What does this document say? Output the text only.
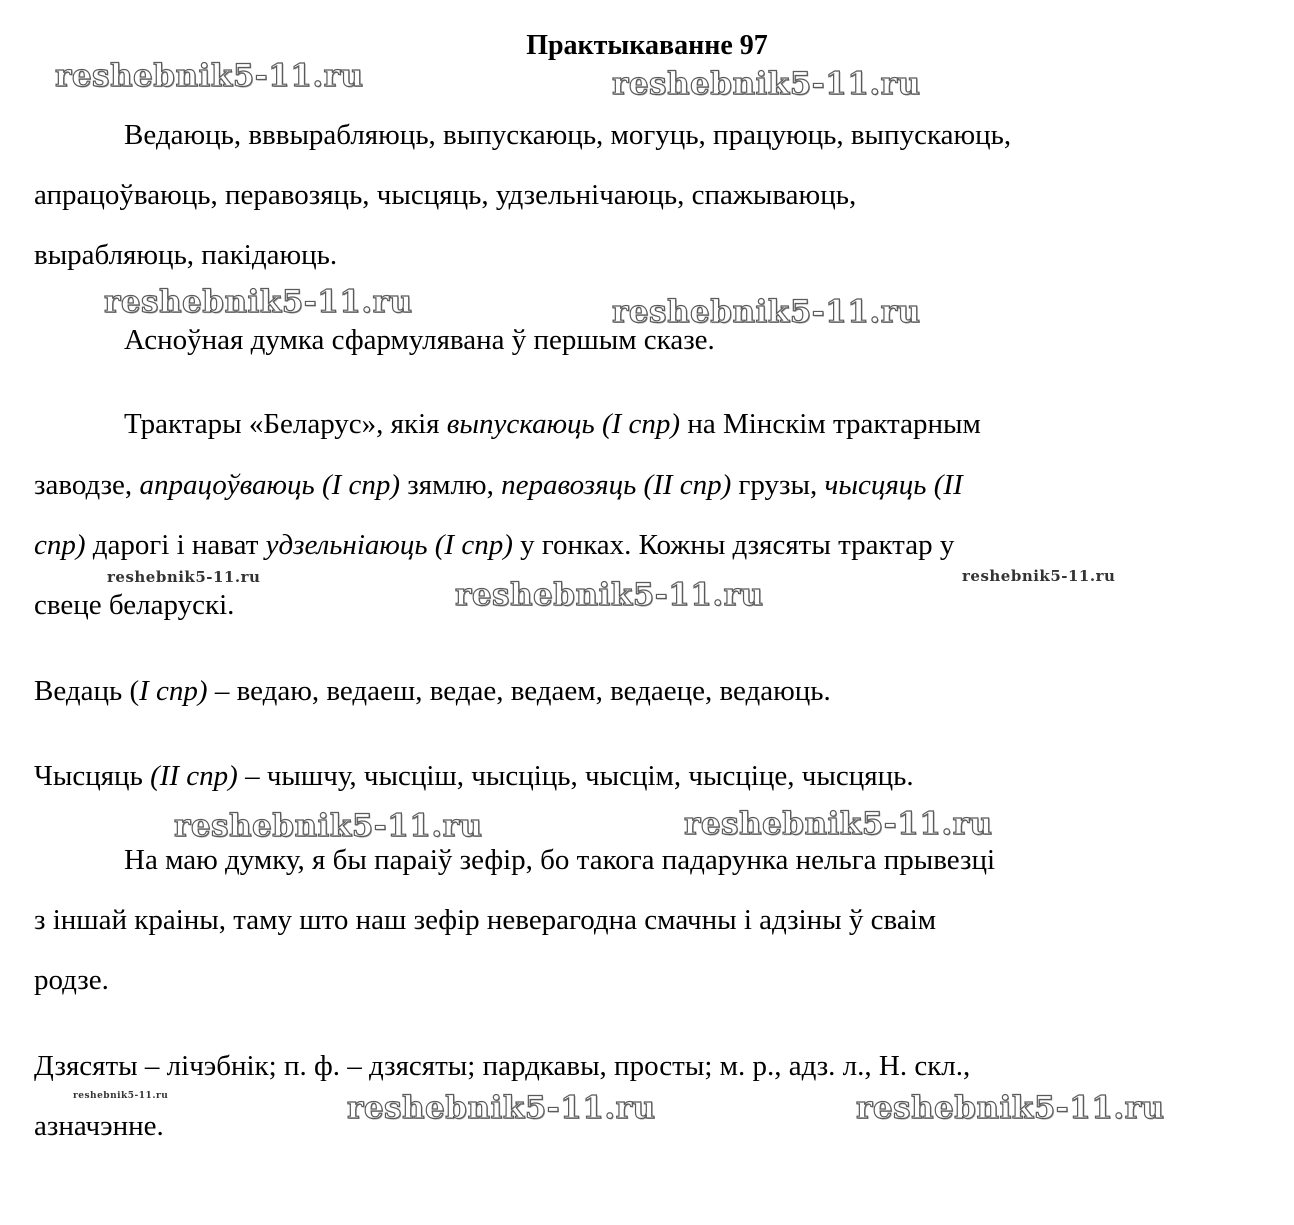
Практыкаванне 97
Ведаюць, вввырабляюць, выпускаюць, могуць, працуюць, выпускаюць,
апрацоўваюць, перавозяць, чысцяць, удзельнічаюць, спажываюць,
вырабляюць, пакідаюць.
Асноўная думка сфармулявана ў першым сказе.
Трактары «Беларус», якія выпускаюць (I спр) на Мінскім трактарным
заводзе, апрацоўваюць (I спр) зямлю, перавозяць (II спр) грузы, чысцяць (II
спр) дарогі і нават удзельніаюць (I спр) у гонках. Кожны дзясяты трактар у
свеце беларускі.
Ведаць (I спр) – ведаю, ведаеш, ведае, ведаем, ведаеце, ведаюць.
Чысцяць (II спр) – чышчу, чысціш, чысціць, чысцім, чысціце, чысцяць.
На маю думку, я бы параіў зефір, бо такога падарунка нельга прывезці
з іншай краіны, таму што наш зефір неверагодна смачны і адзіны ў сваім
родзе.
Дзясяты – лічэбнік; п. ф. – дзясяты; пардкавы, просты; м. р., адз. л., Н. скл.,
азначэнне.
reshebnik5-11.ru	reshebnik5-11.ru
reshebnik5-11.ru	reshebnik5-11.ru
reshebnik5-11.ru	reshebnik5-11.ru
reshebnik5-11.ru
reshebnik5-11.ru	reshebnik5-11.ru
reshebnik5-11.ru	reshebnik5-11.ru	reshebnik5-11.ru
